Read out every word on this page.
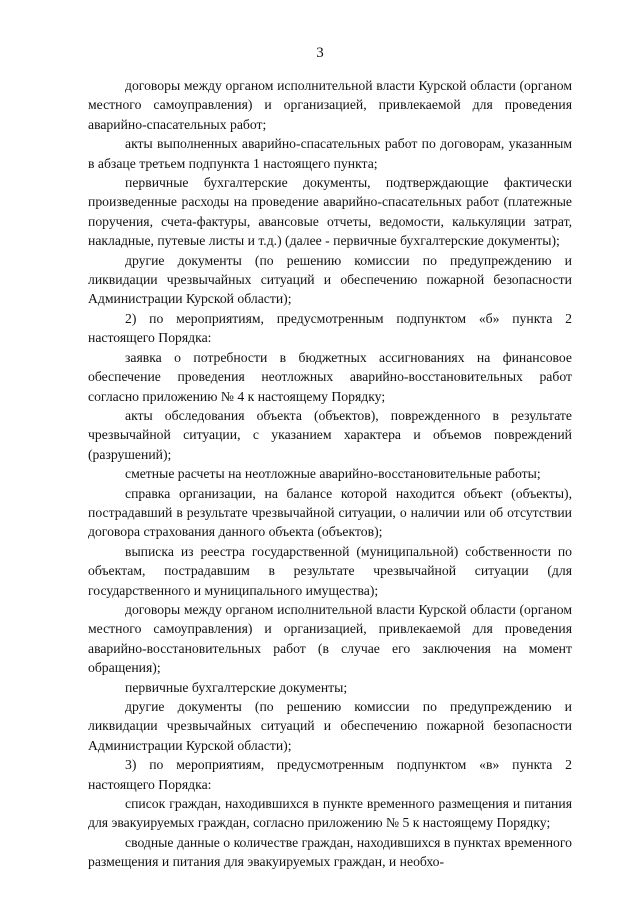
3

договоры между органом исполнительной власти Курской области (органом местного самоуправления) и организацией, привлекаемой для проведения аварийно-спасательных работ;

акты выполненных аварийно-спасательных работ по договорам, указанным в абзаце третьем подпункта 1 настоящего пункта;

первичные бухгалтерские документы, подтверждающие фактически произведенные расходы на проведение аварийно-спасательных работ (платежные поручения, счета-фактуры, авансовые отчеты, ведомости, калькуляции затрат, накладные, путевые листы и т.д.) (далее - первичные бухгалтерские документы);

другие документы (по решению комиссии по предупреждению и ликвидации чрезвычайных ситуаций и обеспечению пожарной безопасности Администрации Курской области);

2) по мероприятиям, предусмотренным подпунктом «б» пункта 2 настоящего Порядка:

заявка о потребности в бюджетных ассигнованиях на финансовое обеспечение проведения неотложных аварийно-восстановительных работ согласно приложению № 4 к настоящему Порядку;

акты обследования объекта (объектов), поврежденного в результате чрезвычайной ситуации, с указанием характера и объемов повреждений (разрушений);

сметные расчеты на неотложные аварийно-восстановительные работы;

справка организации, на балансе которой находится объект (объекты), пострадавший в результате чрезвычайной ситуации, о наличии или об отсутствии договора страхования данного объекта (объектов);

выписка из реестра государственной (муниципальной) собственности по объектам, пострадавшим в результате чрезвычайной ситуации (для государственного и муниципального имущества);

договоры между органом исполнительной власти Курской области (органом местного самоуправления) и организацией, привлекаемой для проведения аварийно-восстановительных работ (в случае его заключения на момент обращения);

первичные бухгалтерские документы;

другие документы (по решению комиссии по предупреждению и ликвидации чрезвычайных ситуаций и обеспечению пожарной безопасности Администрации Курской области);

3) по мероприятиям, предусмотренным подпунктом «в» пункта 2 настоящего Порядка:

список граждан, находившихся в пункте временного размещения и питания для эвакуируемых граждан, согласно приложению № 5 к настоящему Порядку;

сводные данные о количестве граждан, находившихся в пунктах временного размещения и питания для эвакуируемых граждан, и необхо-
